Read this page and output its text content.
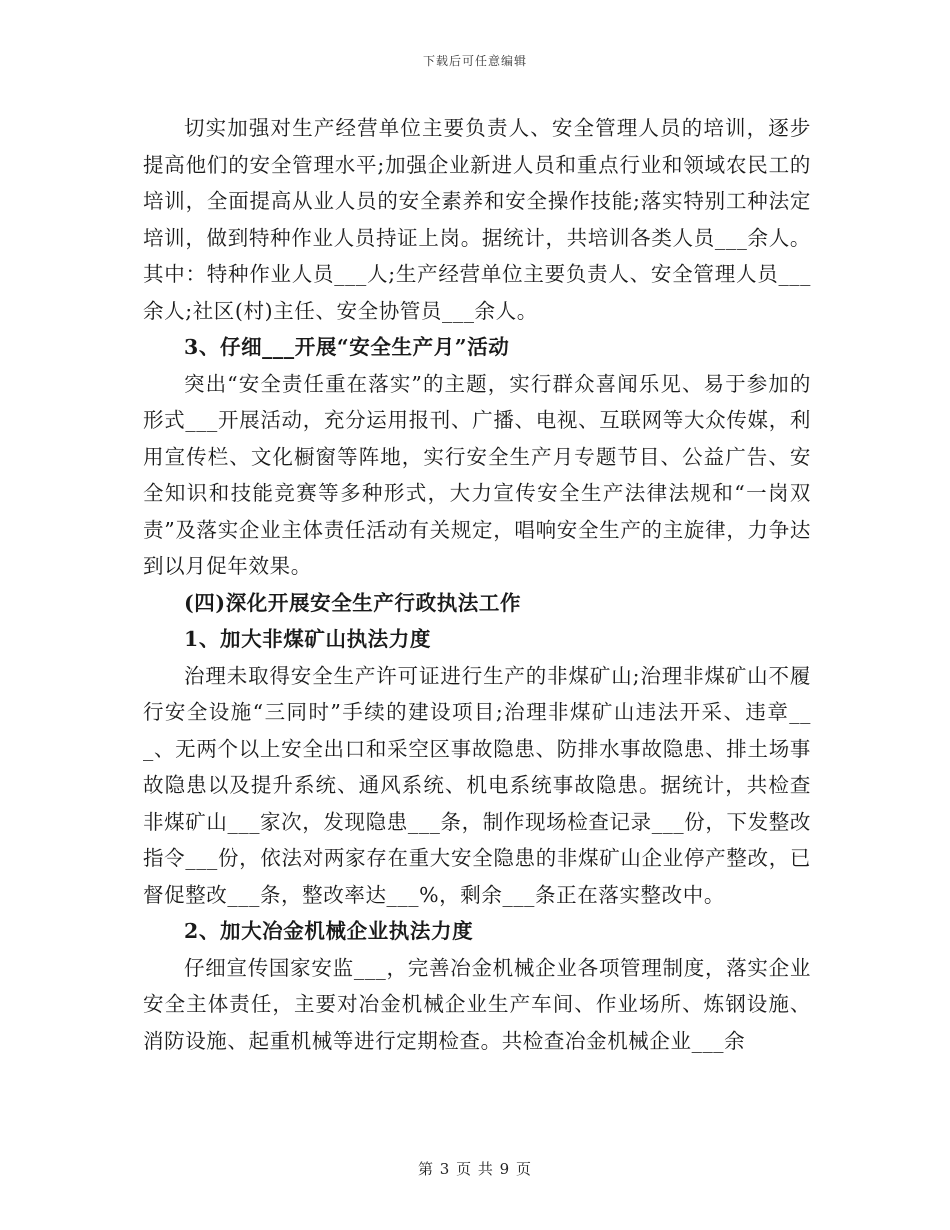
下载后可任意编辑

切实加强对生产经营单位主要负责人、安全管理人员的培训，逐步提高他们的安全管理水平;加强企业新进人员和重点行业和领域农民工的培训，全面提高从业人员的安全素养和安全操作技能;落实特别工种法定培训，做到特种作业人员持证上岗。据统计，共培训各类人员___余人。其中：特种作业人员___人;生产经营单位主要负责人、安全管理人员___余人;社区(村)主任、安全协管员___余人。

3、仔细___开展“安全生产月”活动

突出“安全责任重在落实”的主题，实行群众喜闻乐见、易于参加的形式___开展活动，充分运用报刊、广播、电视、互联网等大众传媒，利用宣传栏、文化橱窗等阵地，实行安全生产月专题节目、公益广告、安全知识和技能竞赛等多种形式，大力宣传安全生产法律法规和“一岗双责”及落实企业主体责任活动有关规定，唱响安全生产的主旋律，力争达到以月促年效果。

(四)深化开展安全生产行政执法工作

1、加大非煤矿山执法力度

治理未取得安全生产许可证进行生产的非煤矿山;治理非煤矿山不履行安全设施“三同时”手续的建设项目;治理非煤矿山违法开采、违章___、无两个以上安全出口和采空区事故隐患、防排水事故隐患、排土场事故隐患以及提升系统、通风系统、机电系统事故隐患。据统计，共检查非煤矿山___家次，发现隐患___条，制作现场检查记录___份，下发整改指令___份，依法对两家存在重大安全隐患的非煤矿山企业停产整改，已督促整改___条，整改率达___%，剩余___条正在落实整改中。

2、加大冶金机械企业执法力度

仔细宣传国家安监___，完善冶金机械企业各项管理制度，落实企业安全主体责任，主要对冶金机械企业生产车间、作业场所、炼钢设施、消防设施、起重机械等进行定期检查。共检查冶金机械企业___余

第 3 页 共 9 页
